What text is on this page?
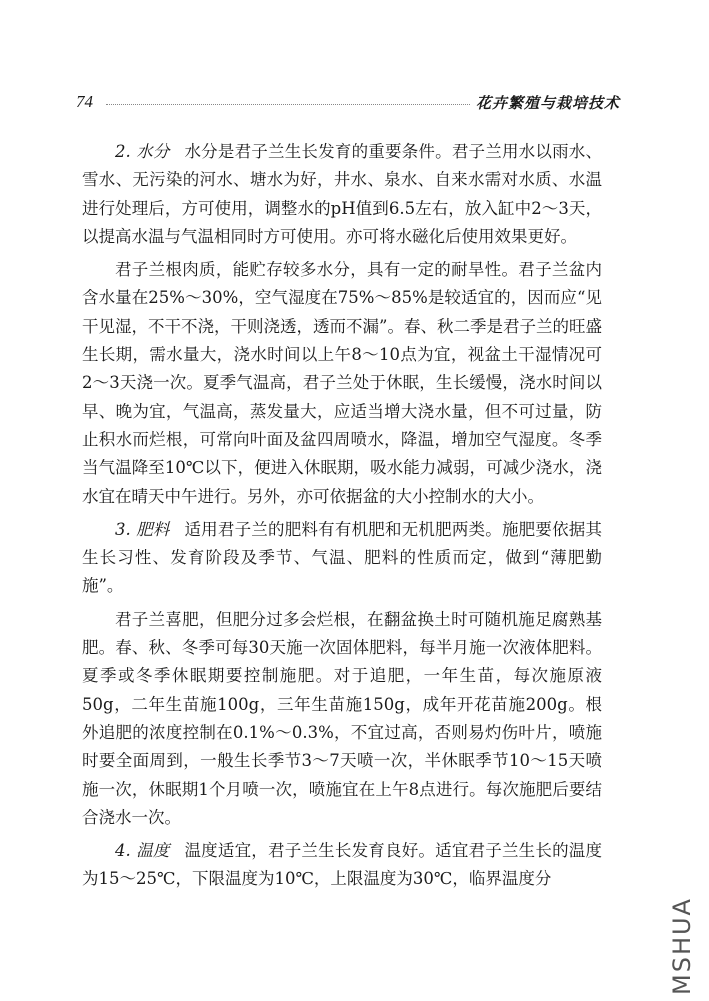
74	花卉繁殖与栽培技术

2. 水分 水分是君子兰生长发育的重要条件。君子兰用水以雨水、雪水、无污染的河水、塘水为好，井水、泉水、自来水需对水质、水温进行处理后，方可使用，调整水的pH值到6.5左右，放入缸中2～3天，以提高水温与气温相同时方可使用。亦可将水磁化后使用效果更好。

君子兰根肉质，能贮存较多水分，具有一定的耐旱性。君子兰盆内含水量在25%～30%，空气湿度在75%～85%是较适宜的，因而应“见干见湿，不干不浇，干则浇透，透而不漏”。春、秋二季是君子兰的旺盛生长期，需水量大，浇水时间以上午8～10点为宜，视盆土干湿情况可2～3天浇一次。夏季气温高，君子兰处于休眠，生长缓慢，浇水时间以早、晚为宜，气温高，蒸发量大，应适当增大浇水量，但不可过量，防止积水而烂根，可常向叶面及盆四周喷水，降温，增加空气湿度。冬季当气温降至10℃以下，便进入休眠期，吸水能力减弱，可减少浇水，浇水宜在晴天中午进行。另外，亦可依据盆的大小控制水的大小。

3. 肥料 适用君子兰的肥料有有机肥和无机肥两类。施肥要依据其生长习性、发育阶段及季节、气温、肥料的性质而定，做到“薄肥勤施”。

君子兰喜肥，但肥分过多会烂根，在翻盆换土时可随机施足腐熟基肥。春、秋、冬季可每30天施一次固体肥料，每半月施一次液体肥料。夏季或冬季休眠期要控制施肥。对于追肥，一年生苗，每次施原液50g，二年生苗施100g，三年生苗施150g，成年开花苗施200g。根外追肥的浓度控制在0.1%～0.3%，不宜过高，否则易灼伤叶片，喷施时要全面周到，一般生长季节3～7天喷一次，半休眠季节10～15天喷施一次，休眠期1个月喷一次，喷施宜在上午8点进行。每次施肥后要结合浇水一次。

4. 温度 温度适宜，君子兰生长发育良好。适宜君子兰生长的温度为15～25℃，下限温度为10℃，上限温度为30℃，临界温度分

MSHUA
